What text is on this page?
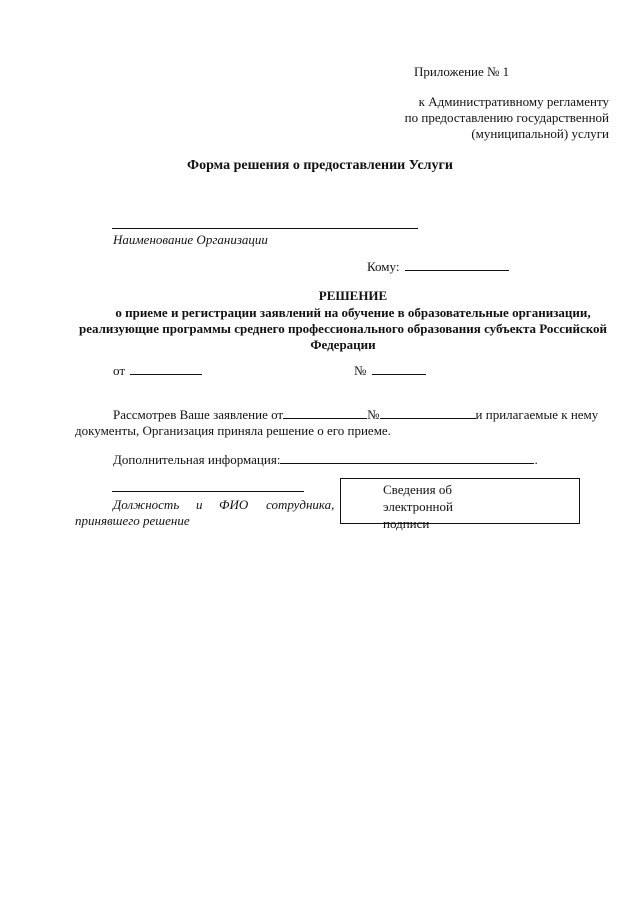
Приложение № 1
к Административному регламенту
по предоставлению государственной
(муниципальной) услуги
Форма решения о предоставлении Услуги
Наименование Организации
Кому:
РЕШЕНИЕ
о приеме и регистрации заявлений на обучение в образовательные организации,
реализующие программы среднего профессионального образования субъекта Российской
Федерации
от	№
Рассмотрев Ваше заявление от	№	и прилагаемые к нему
документы, Организация приняла решение о его приеме.
Дополнительная информация:	.
Должность и ФИО сотрудника,
принявшего решение
Сведения об
электронной
подписи
